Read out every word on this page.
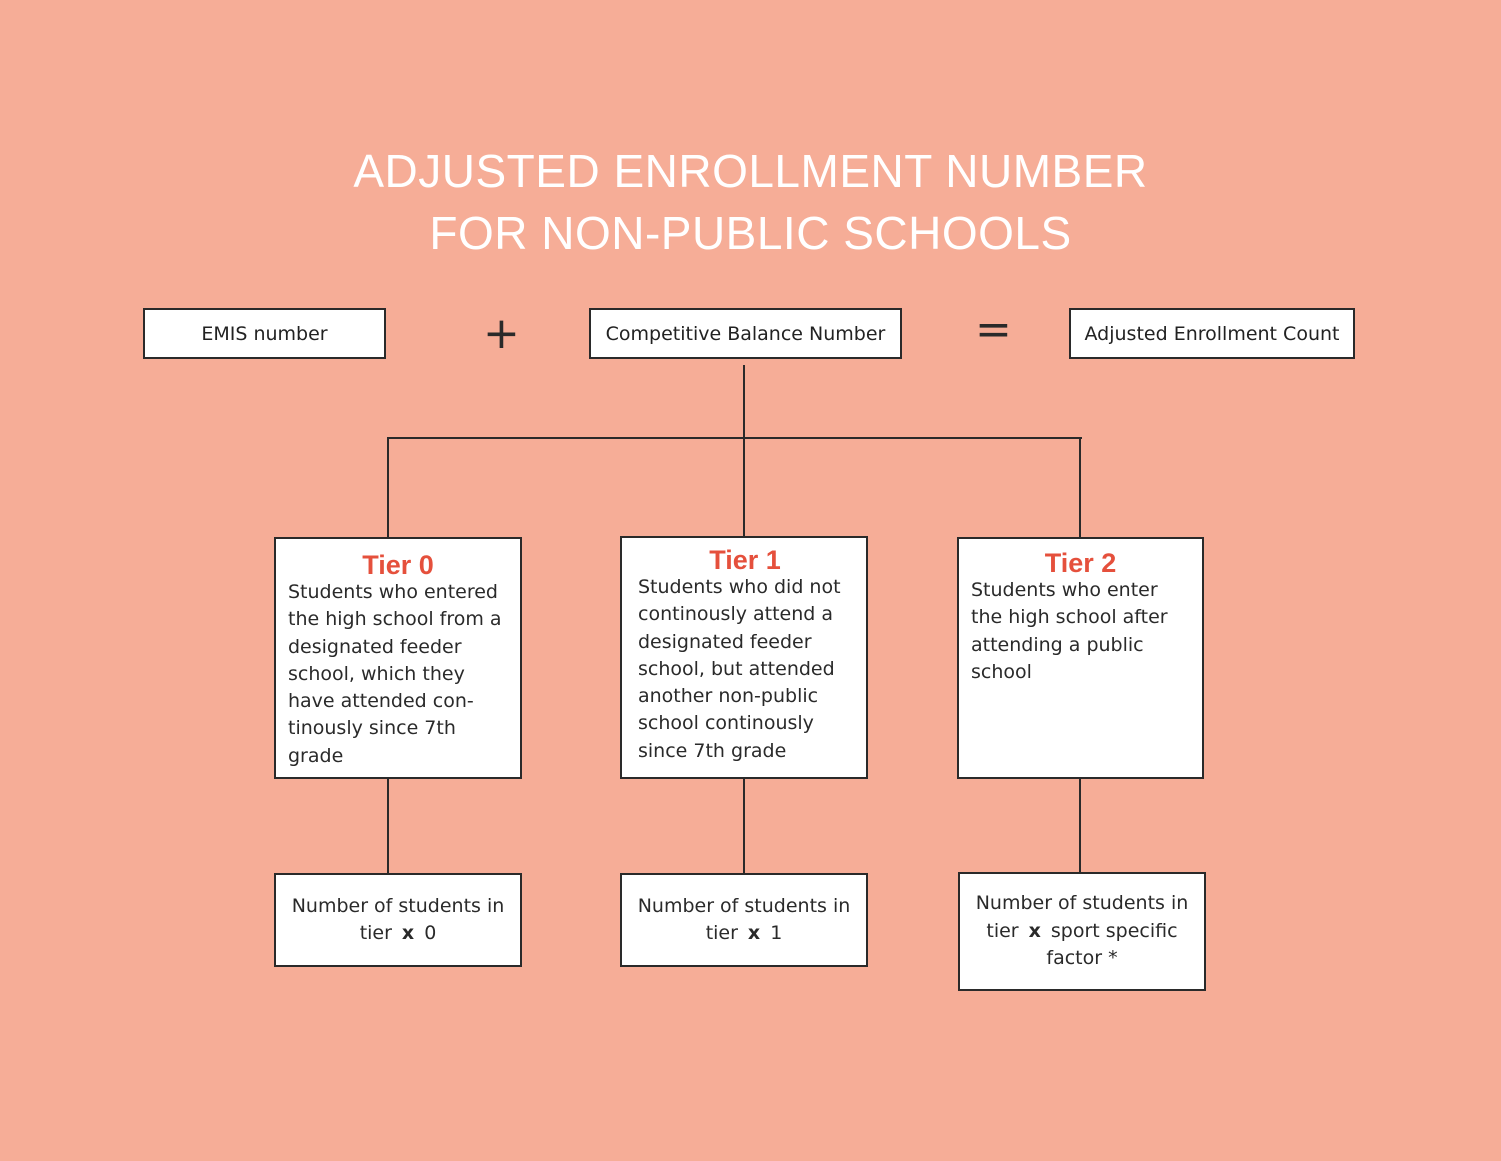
ADJUSTED ENROLLMENT NUMBER
FOR NON-PUBLIC SCHOOLS
EMIS number	+	Competitive Balance Number =	Adjusted Enrollment Count
Tier 0
Students who entered the high school from a designated feeder school, which they have attended con-tinously since 7th grade
Tier 1
Students who did not continously attend a designated feeder school, but attended another non-public school continously since 7th grade
Tier 2
Students who enter the high school after attending a public school
Number of students in
tier x 0
Number of students in
tier x 1
Number of students in
tier x sport specific
factor *
